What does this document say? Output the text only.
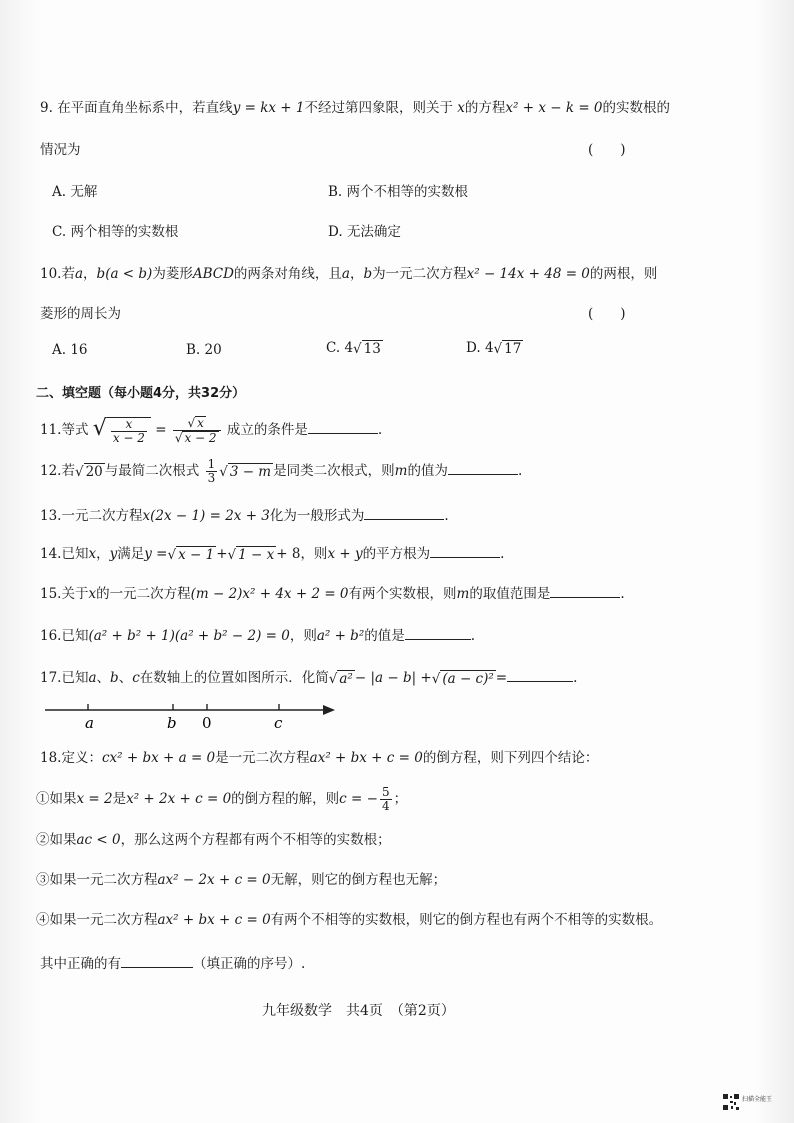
9. 在平面直角坐标系中，若直线y = kx + 1不经过第四象限，则关于 x的方程x² + x − k = 0的实数根的
情况为	(　　)
A. 无解	B. 两个不相等的实数根
C. 两个相等的实数根	D. 无法确定
10.若a，b(a < b)为菱形ABCD的两条对角线，且a，b为一元二次方程x² − 14x + 48 = 0的两根，则
菱形的周长为	(　　)
A. 16	B. 20	C. 4√ 13	D. 4√ 17
二、填空题（每小题4分，共32分）
11.等式 √ $\frac{x}{x - 2} = \frac{√ x}{√ x - 2}$ 成立的条件是	.
12.若√ 20 与最简二次根式 $\frac{1}{3}$ √ 3 − m 是同类二次根式，则m的值为	.
13.一元二次方程x(2x − 1) = 2x + 3化为一般形式为	.
14.已知x，y满足y =√ x − 1 +√ 1 − x + 8，则x + y的平方根为	.
15.关于x的一元二次方程(m − 2)x² + 4x + 2 = 0有两个实数根，则m的取值范围是	.
16.已知(a² + b² + 1)(a² + b² − 2) = 0，则a² + b²的值是	.
17.已知a、b、c在数轴上的位置如图所示．化简√ a² − |a − b| +√ (a − c)² =	.
a	b 0	c
18.定义：cx² + bx + a = 0是一元二次方程ax² + bx + c = 0的倒方程，则下列四个结论：
①如果x = 2是x² + 2x + c = 0的倒方程的解，则c = − $\frac{5}{4}$ ；
②如果ac < 0，那么这两个方程都有两个不相等的实数根；
③如果一元二次方程ax² − 2x + c = 0无解，则它的倒方程也无解；
④如果一元二次方程ax² + bx + c = 0有两个不相等的实数根，则它的倒方程也有两个不相等的实数根。
其中正确的有	（填正确的序号）.
九年级数学　共4页　（第2页）
扫描全能王
